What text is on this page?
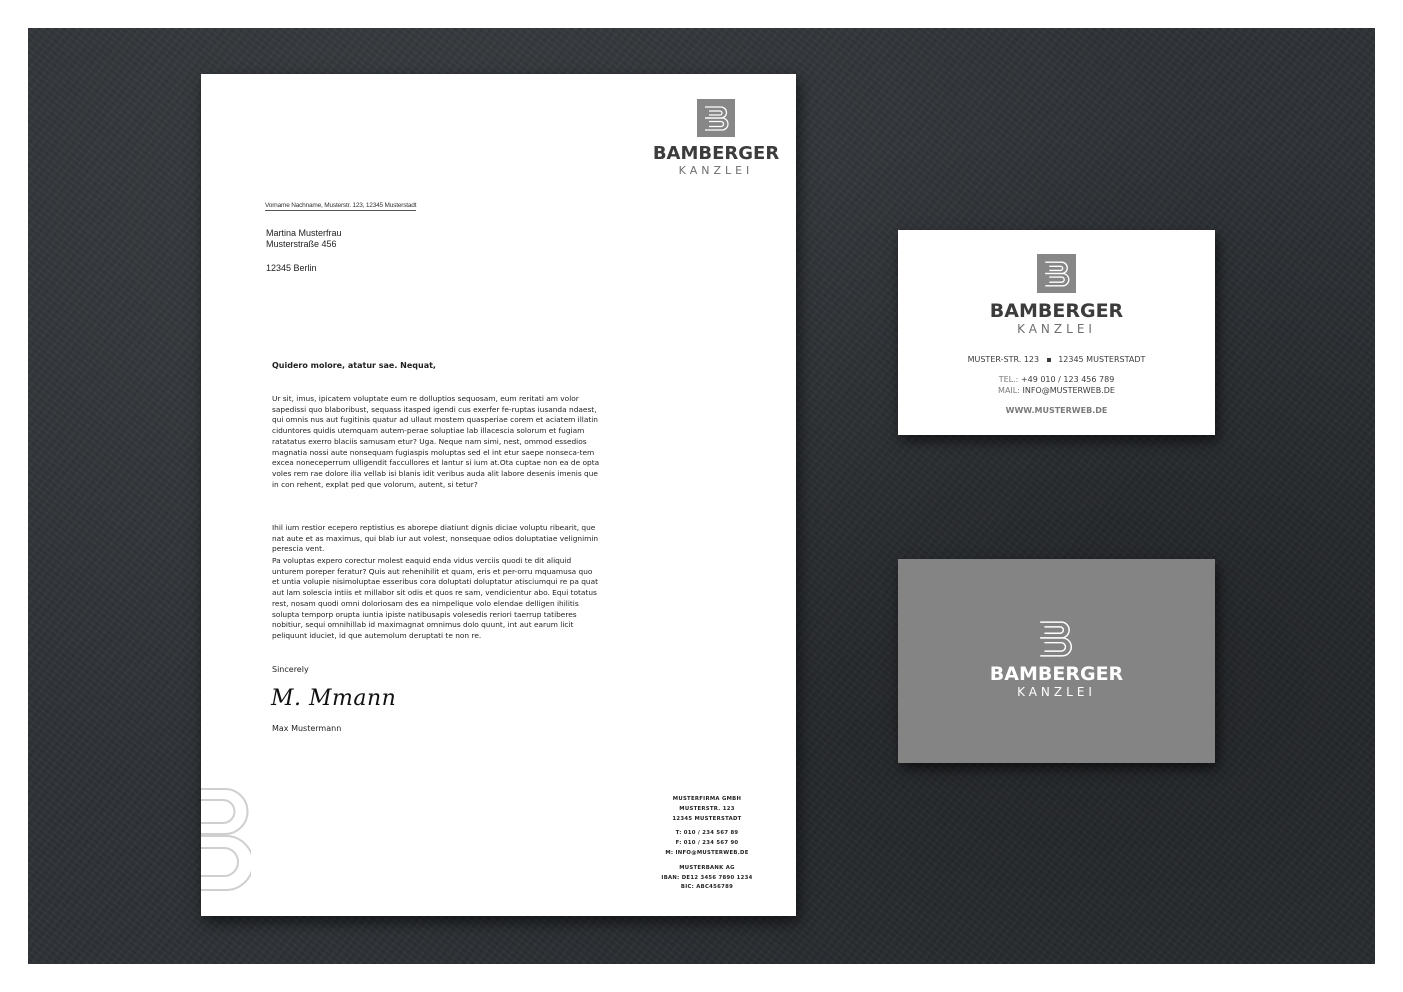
BAMBERGER
KANZLEI
Vorname Nachname, Musterstr. 123, 12345 Musterstadt
Martina Musterfrau
Musterstraße 456
12345 Berlin
Quidero molore, atatur sae. Nequat,
Ur sit, imus, ipicatem voluptate eum re dolluptios sequosam, eum reritati am volor sapedissi quo blaboribust, sequass itasped igendi cus exerfer fe-ruptas iusanda ndaest, qui omnis nus aut fugitinis quatur ad ullaut mostem quasperiae corem et aciatem illatin ciduntores quidis utemquam autem-perae soluptiae lab illacescia solorum et fugiam ratatatus exerro blaciis samusam etur? Uga. Neque nam simi, nest, ommod essedios magnatia nossi aute nonsequam fugiaspis moluptas sed el int etur saepe nonseca-tem excea noneceperrum ulligendit faccullores et lantur si ium at.Ota cuptae non ea de opta voles rem rae dolore ilia vellab isi blanis idit veribus auda alit labore desenis imenis que in con rehent, explat ped que volorum, autent, si tetur?
Ihil ium restior ecepero reptistius es aborepe diatiunt dignis diciae voluptu ribearit, que nat aute et as maximus, qui blab iur aut volest, nonsequae odios doluptatiae velignimin perescia vent.
Pa voluptas expero corectur molest eaquid enda vidus verciis quodi te dit aliquid unturem poreper feratur? Quis aut rehenihilit et quam, eris et per-orru mquamusa quo et untia volupie nisimoluptae esseribus cora doluptati doluptatur atisciumqui re pa quat aut lam solescia intiis et millabor sit odis et quos re sam, vendicientur abo. Equi totatus rest, nosam quodi omni doloriosam des ea nimpelique volo elendae delligen ihilitis solupta temporp orupta iuntia ipiste natibusapis volesedis reriori taerrup tatiberes nobitiur, sequi omnihillab id maximagnat omnimus dolo quunt, int aut earum licit peliquunt iduciet, id que autemolum deruptati te non re.
Sincerely
M. Mmann
Max Mustermann
MUSTERFIRMA GMBH
MUSTERSTR. 123
12345 MUSTERSTADT
T: 010 / 234 567 89
F: 010 / 234 567 90
M: INFO@MUSTERWEB.DE
MUSTERBANK AG
IBAN: DE12 3456 7890 1234
BIC: ABC456789
BAMBERGER
KANZLEI
MUSTER-STR. 123 12345 MUSTERSTADT
TEL.: +49 010 / 123 456 789
MAIL: INFO@MUSTERWEB.DE
WWW.MUSTERWEB.DE
BAMBERGER
KANZLEI
